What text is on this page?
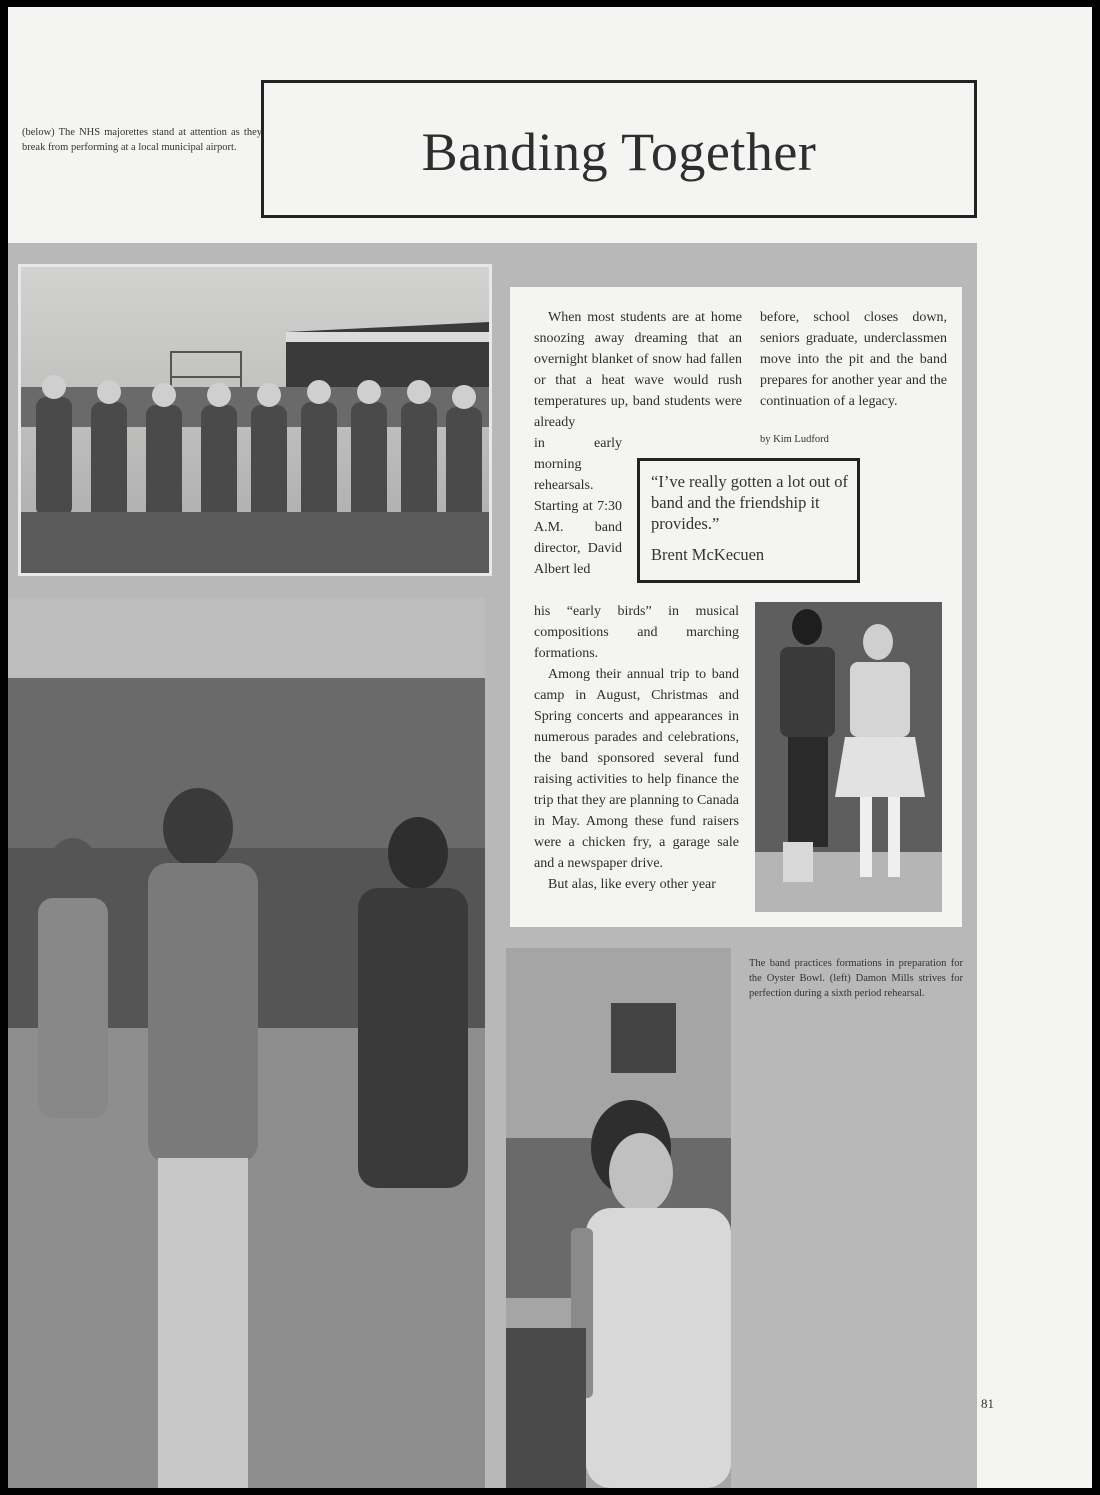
(below) The NHS majorettes stand at attention as they break from performing at a local municipal airport.	Banding Together
When most students are at home snoozing away dreaming that an overnight blanket of snow had fallen or that a heat wave would rush temperatures up, band students were already
in early morning rehearsals. Starting at 7:30 A.M. band director, David Albert led

his “early birds” in musical compositions and marching formations.

Among their annual trip to band camp in August, Christmas and Spring concerts and appearances in numerous parades and celebrations, the band sponsored several fund raising activities to help finance the trip that they are planning to Canada in May. Among these fund raisers were a chicken fry, a garage sale and a newspaper drive.

But alas, like every other year

before, school closes down, seniors graduate, underclassmen move into the pit and the band prepares for another year and the continuation of a legacy.
by Kim Ludford
“I’ve really gotten a lot out of band and the friendship it provides.”
Brent McKecuen
The band practices formations in preparation for the Oyster Bowl. (left) Damon Mills strives for perfection during a sixth period rehearsal.
81
